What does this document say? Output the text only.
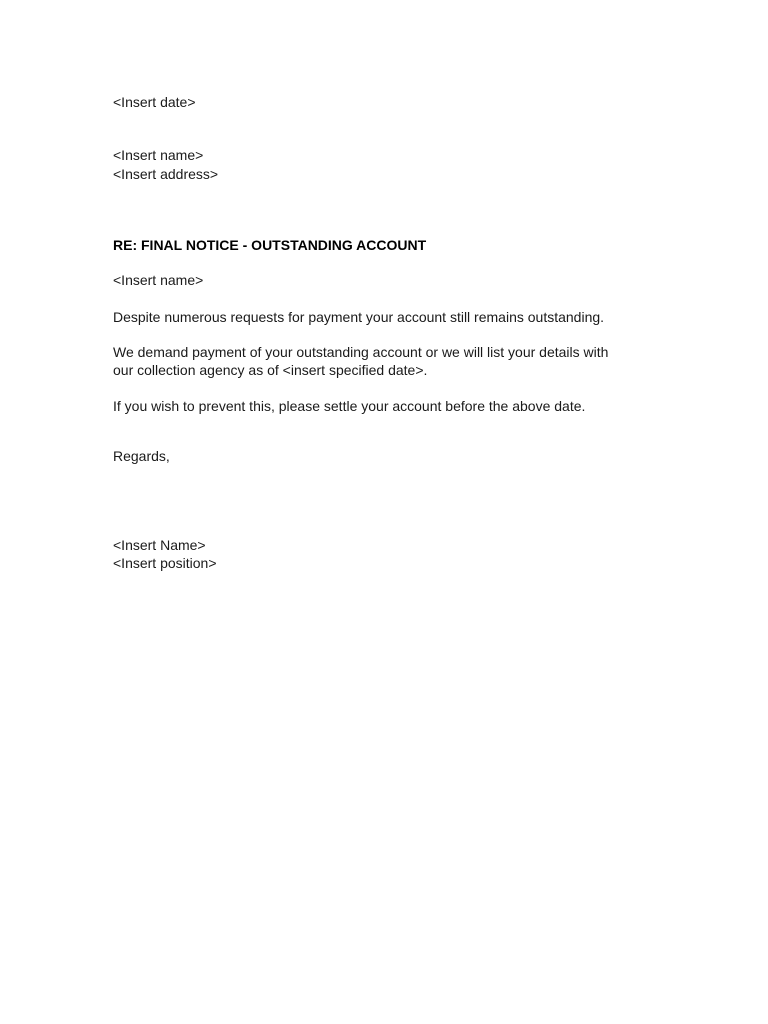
<Insert date>
<Insert name>
<Insert address>
RE: FINAL NOTICE - OUTSTANDING ACCOUNT
<Insert name>
Despite numerous requests for payment your account still remains outstanding.
We demand payment of your outstanding account or we will list your details with
our collection agency as of <insert specified date>.
If you wish to prevent this, please settle your account before the above date.
Regards,
<Insert Name>
<Insert position>
